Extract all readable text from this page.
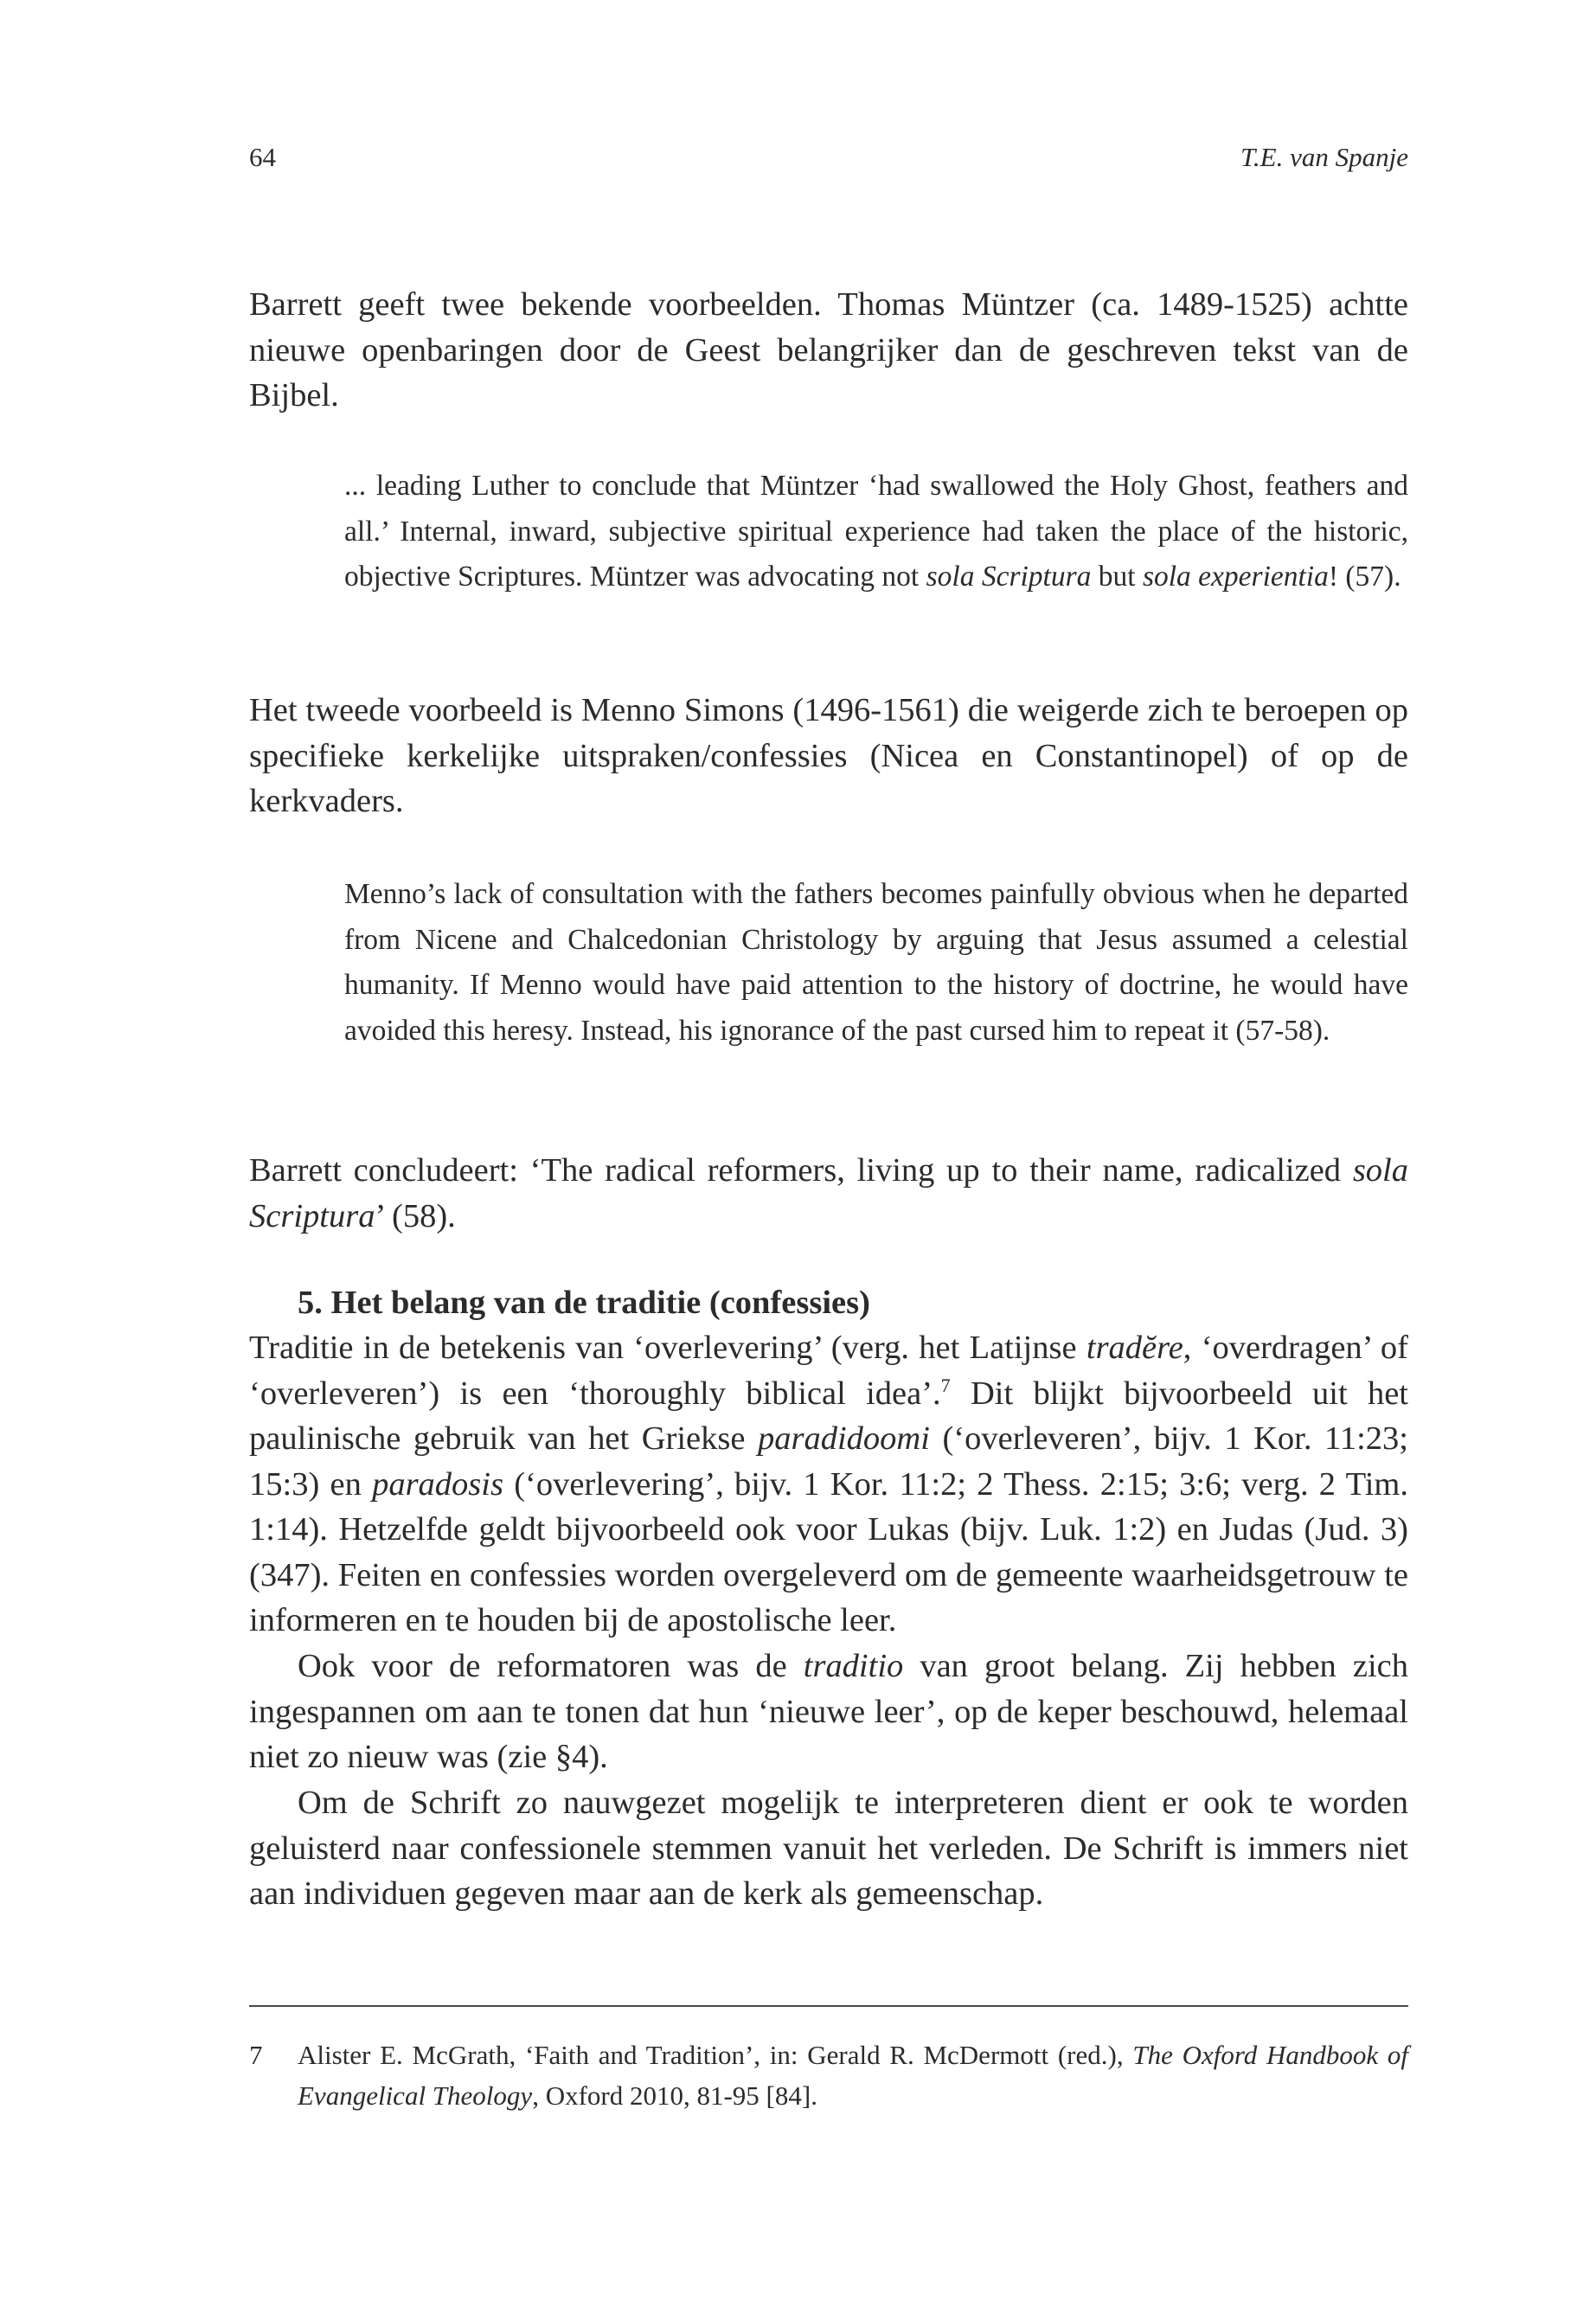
64	T.E. van Spanje

Barrett geeft twee bekende voorbeelden. Thomas Müntzer (ca. 1489-1525) achtte nieuwe openbaringen door de Geest belangrijker dan de geschreven tekst van de Bijbel.

... leading Luther to conclude that Müntzer ‘had swallowed the Holy Ghost, feathers and all.’ Internal, inward, subjective spiritual experience had taken the place of the historic, objective Scriptures. Müntzer was advocating not sola Scriptura but sola experientia! (57).

Het tweede voorbeeld is Menno Simons (1496-1561) die weigerde zich te beroepen op specifieke kerkelijke uitspraken/confessies (Nicea en Constantinopel) of op de kerkvaders.

Menno’s lack of consultation with the fathers becomes painfully obvious when he departed from Nicene and Chalcedonian Christology by arguing that Jesus assumed a celestial humanity. If Menno would have paid attention to the history of doctrine, he would have avoided this heresy. Instead, his ignorance of the past cursed him to repeat it (57-58).

Barrett concludeert: ‘The radical reformers, living up to their name, radicalized sola Scriptura’ (58).

5. Het belang van de traditie (confessies)

Traditie in de betekenis van ‘overlevering’ (verg. het Latijnse tradĕre, ‘overdragen’ of ‘overleveren’) is een ‘thoroughly biblical idea’.$^7$ Dit blijkt bijvoorbeeld uit het paulinische gebruik van het Griekse paradidoomi (‘overleveren’, bijv. 1 Kor. 11:23; 15:3) en paradosis (‘overlevering’, bijv. 1 Kor. 11:2; 2 Thess. 2:15; 3:6; verg. 2 Tim. 1:14). Hetzelfde geldt bijvoorbeeld ook voor Lukas (bijv. Luk. 1:2) en Judas (Jud. 3) (347). Feiten en confessies worden overgeleverd om de gemeente waarheidsgetrouw te informeren en te houden bij de apostolische leer.

Ook voor de reformatoren was de traditio van groot belang. Zij hebben zich ingespannen om aan te tonen dat hun ‘nieuwe leer’, op de keper beschouwd, helemaal niet zo nieuw was (zie §4).

Om de Schrift zo nauwgezet mogelijk te interpreteren dient er ook te worden geluisterd naar confessionele stemmen vanuit het verleden. De Schrift is immers niet aan individuen gegeven maar aan de kerk als gemeenschap.

7 Alister E. McGrath, ‘Faith and Tradition’, in: Gerald R. McDermott (red.), The Oxford Handbook of Evangelical Theology, Oxford 2010, 81-95 [84].
